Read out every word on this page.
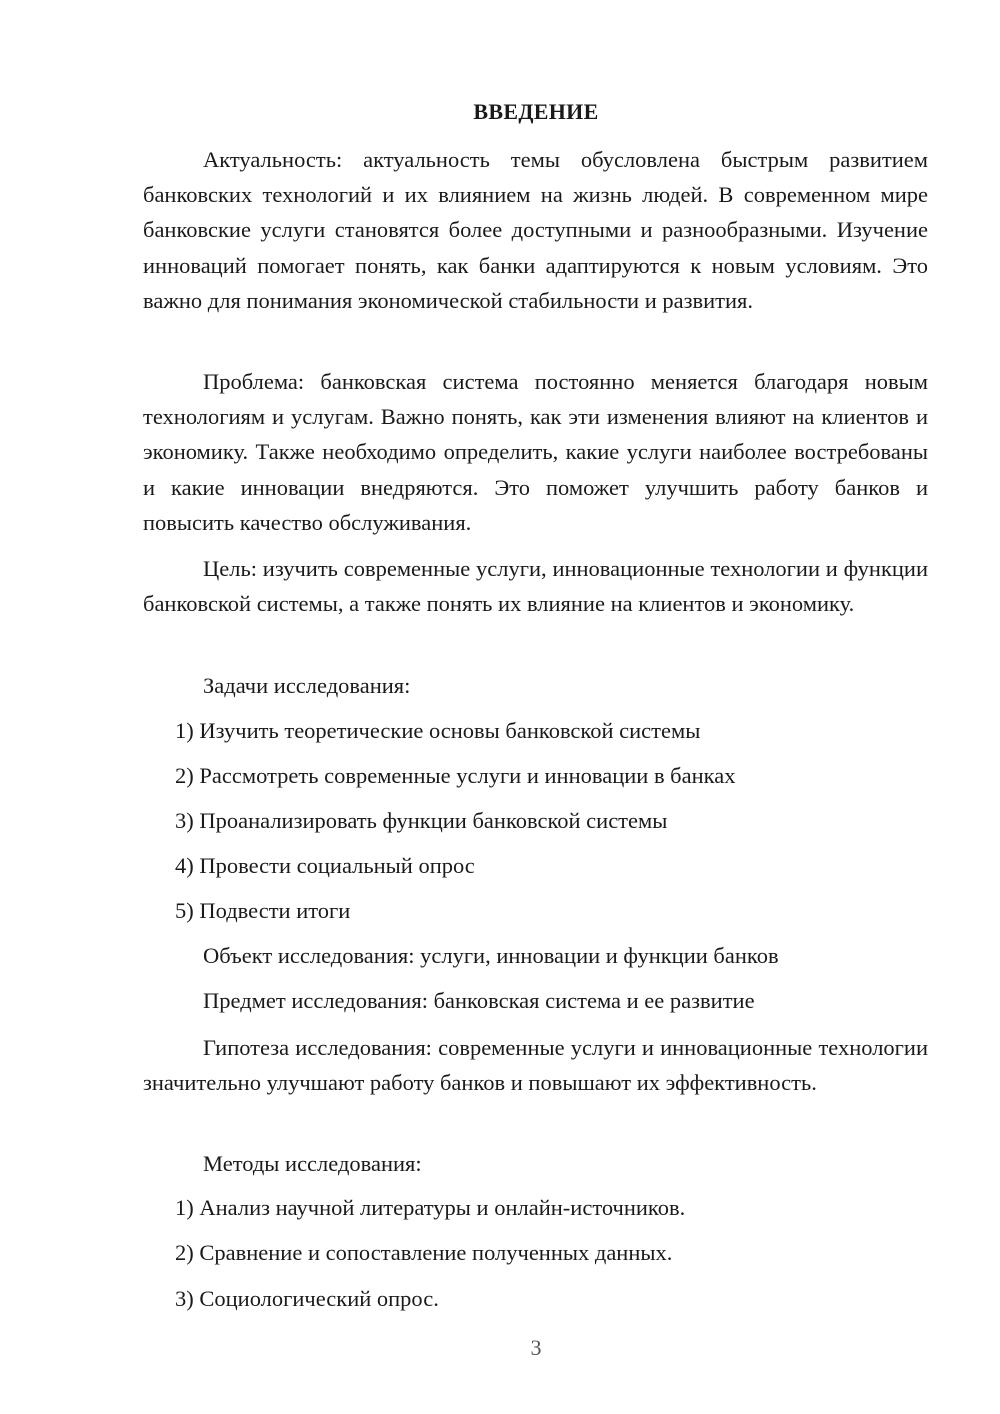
ВВЕДЕНИЕ

Актуальность: актуальность темы обусловлена быстрым развитием банковских технологий и их влиянием на жизнь людей. В современном мире банковские услуги становятся более доступными и разнообразными. Изучение инноваций помогает понять, как банки адаптируются к новым условиям. Это важно для понимания экономической стабильности и развития.

Проблема: банковская система постоянно меняется благодаря новым технологиям и услугам. Важно понять, как эти изменения влияют на клиентов и экономику. Также необходимо определить, какие услуги наиболее востребованы и какие инновации внедряются. Это поможет улучшить работу банков и повысить качество обслуживания.

Цель: изучить современные услуги, инновационные технологии и функции банковской системы, а также понять их влияние на клиентов и экономику.

Задачи исследования:

1) Изучить теоретические основы банковской системы

2) Рассмотреть современные услуги и инновации в банках

3) Проанализировать функции банковской системы

4) Провести социальный опрос

5) Подвести итоги

Объект исследования: услуги, инновации и функции банков

Предмет исследования: банковская система и ее развитие

Гипотеза исследования: современные услуги и инновационные технологии значительно улучшают работу банков и повышают их эффективность.

Методы исследования:

1) Анализ научной литературы и онлайн-источников.

2) Сравнение и сопоставление полученных данных.

3) Социологический опрос.

3
